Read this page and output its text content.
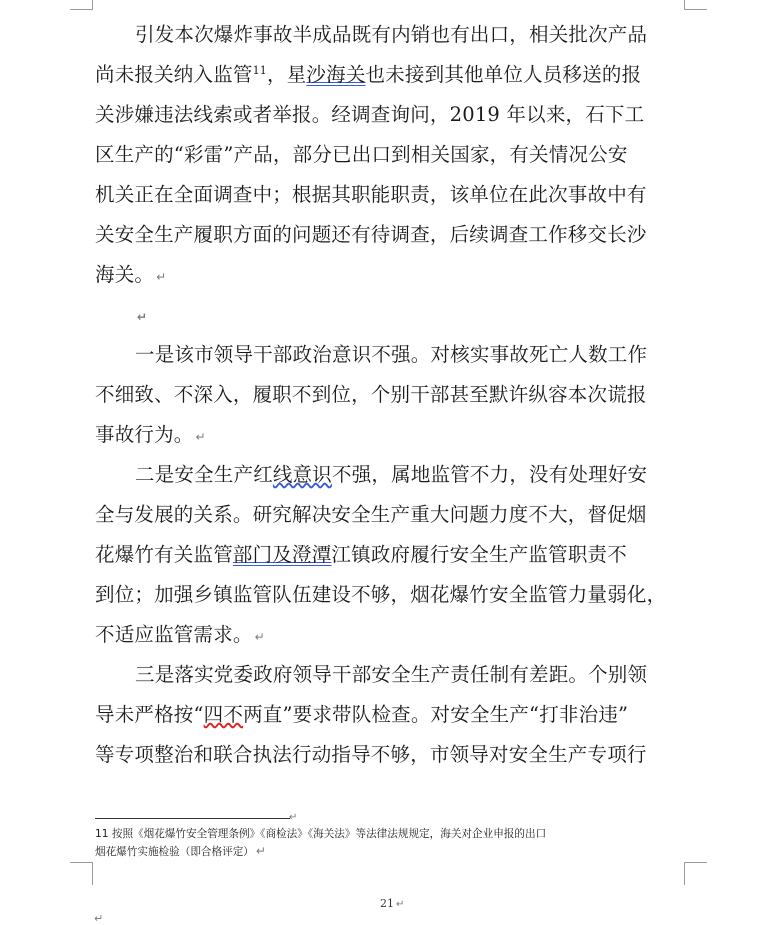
引发本次爆炸事故半成品既有内销也有出口，相关批次产品
尚未报关纳入监管$^{11}$，星沙海关也未接到其他单位人员移送的报
关涉嫌违法线索或者举报。经调查询问，2019 年以来，石下工
区生产的“彩雷”产品，部分已出口到相关国家，有关情况公安
机关正在全面调查中；根据其职能职责，该单位在此次事故中有
关安全生产履职方面的问题还有待调查，后续调查工作移交长沙
海关。 ↵
↵
一是该市领导干部政治意识不强。对核实事故死亡人数工作
不细致、不深入，履职不到位，个别干部甚至默许纵容本次谎报
事故行为。 ↵
二是安全生产红线意识不强，属地监管不力，没有处理好安
全与发展的关系。研究解决安全生产重大问题力度不大，督促烟
花爆竹有关监管部门及澄潭江镇政府履行安全生产监管职责不
到位；加强乡镇监管队伍建设不够，烟花爆竹安全监管力量弱化，
不适应监管需求。 ↵
三是落实党委政府领导干部安全生产责任制有差距。个别领
导未严格按“四不两直”要求带队检查。对安全生产“打非治违”
等专项整治和联合执法行动指导不够，市领导对安全生产专项行
↵
11 按照《烟花爆竹安全管理条例》《商检法》《海关法》等法律法规规定，海关对企业申报的出口
烟花爆竹实施检验（即合格评定） ↵
21 ↵
↵
